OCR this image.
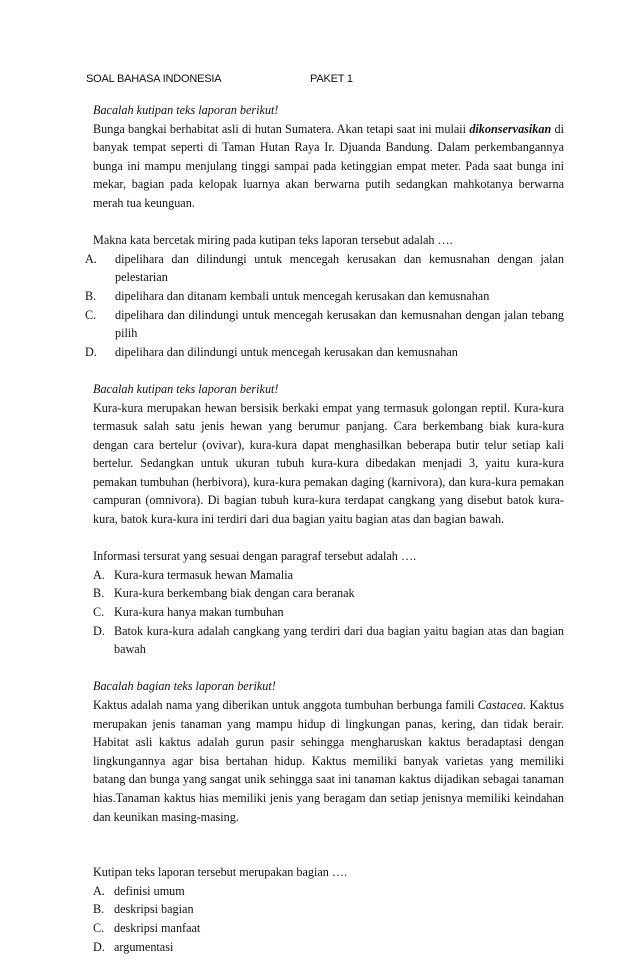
SOAL BAHASA INDONESIA	PAKET 1
Bacalah kutipan teks laporan berikut!
Bunga bangkai berhabitat asli di hutan Sumatera. Akan tetapi saat ini mulaii dikonservasikan di banyak tempat seperti di Taman Hutan Raya Ir. Djuanda Bandung. Dalam perkembangannya bunga ini mampu menjulang tinggi sampai pada ketinggian empat meter. Pada saat bunga ini mekar, bagian pada kelopak luarnya akan berwarna putih sedangkan mahkotanya berwarna merah tua keunguan.
Makna kata bercetak miring pada kutipan teks laporan tersebut adalah ….
A.	dipelihara dan dilindungi untuk mencegah kerusakan dan kemusnahan dengan jalan pelestarian
B.	dipelihara dan ditanam kembali untuk mencegah kerusakan dan kemusnahan
C.	dipelihara dan dilindungi untuk mencegah kerusakan dan kemusnahan dengan jalan tebang pilih
D.	dipelihara dan dilindungi untuk mencegah kerusakan dan kemusnahan
Bacalah kutipan teks laporan berikut!
Kura-kura merupakan hewan bersisik berkaki empat yang termasuk golongan reptil. Kura-kura termasuk salah satu jenis hewan yang berumur panjang. Cara berkembang biak kura-kura dengan cara bertelur (ovivar), kura-kura dapat menghasilkan beberapa butir telur setiap kali bertelur. Sedangkan untuk ukuran tubuh kura-kura dibedakan menjadi 3, yaitu kura-kura pemakan tumbuhan (herbivora), kura-kura pemakan daging (karnivora), dan kura-kura pemakan campuran (omnivora). Di bagian tubuh kura-kura terdapat cangkang yang disebut batok kura-kura, batok kura-kura ini terdiri dari dua bagian yaitu bagian atas dan bagian bawah.
Informasi tersurat yang sesuai dengan paragraf tersebut adalah ….
A. Kura-kura termasuk hewan Mamalia
B. Kura-kura berkembang biak dengan cara beranak
C. Kura-kura hanya makan tumbuhan
D. Batok kura-kura adalah cangkang yang terdiri dari dua bagian yaitu bagian atas dan bagian bawah
Bacalah bagian teks laporan berikut!
Kaktus adalah nama yang diberikan untuk anggota tumbuhan berbunga famili Castacea. Kaktus merupakan jenis tanaman yang mampu hidup di lingkungan panas, kering, dan tidak berair. Habitat asli kaktus adalah gurun pasir sehingga mengharuskan kaktus beradaptasi dengan lingkungannya agar bisa bertahan hidup. Kaktus memiliki banyak varietas yang memiliki batang dan bunga yang sangat unik sehingga saat ini tanaman kaktus dijadikan sebagai tanaman hias.Tanaman kaktus hias memiliki jenis yang beragam dan setiap jenisnya memiliki keindahan dan keunikan masing-masing.
Kutipan teks laporan tersebut merupakan bagian ….
A. definisi umum
B. deskripsi bagian
C. deskripsi manfaat
D. argumentasi
